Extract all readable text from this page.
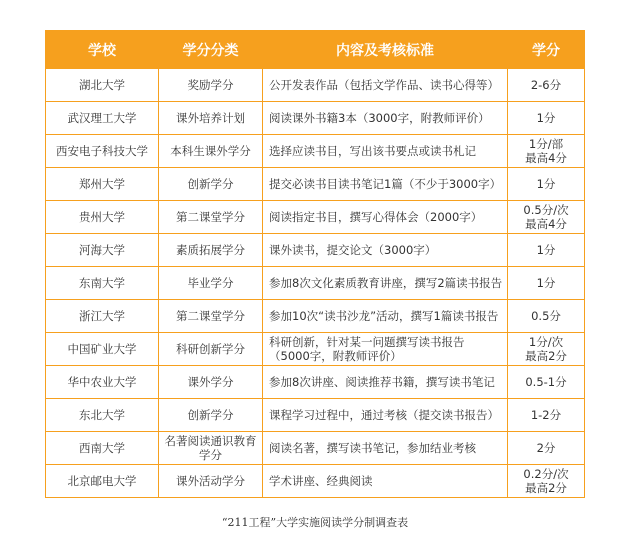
学校	学分分类	内容及考核标准	学分
湖北大学	奖励学分	公开发表作品（包括文学作品、读书心得等）	2-6分
武汉理工大学	课外培养计划	阅读课外书籍3本（3000字，附教师评价）	1分
西安电子科技大学	本科生课外学分	选择应读书目，写出该书要点或读书札记	1分/部
最高4分
郑州大学	创新学分	提交必读书目读书笔记1篇（不少于3000字）	1分
贵州大学	第二课堂学分	阅读指定书目，撰写心得体会（2000字）	0.5分/次
最高4分
河海大学	素质拓展学分	课外读书，提交论文（3000字）	1分
东南大学	毕业学分	参加8次文化素质教育讲座，撰写2篇读书报告	1分
浙江大学	第二课堂学分	参加10次“读书沙龙”活动，撰写1篇读书报告	0.5分
中国矿业大学	科研创新学分	科研创新，针对某一问题撰写读书报告（5000字，附教师评价）	1分/次
最高2分
华中农业大学	课外学分	参加8次讲座、阅读推荐书籍，撰写读书笔记	0.5-1分
东北大学	创新学分	课程学习过程中，通过考核（提交读书报告）	1-2分
西南大学	名著阅读通识教育学分	阅读名著，撰写读书笔记，参加结业考核	2分
北京邮电大学	课外活动学分	学术讲座、经典阅读	0.2分/次
最高2分
“211工程”大学实施阅读学分制调查表
